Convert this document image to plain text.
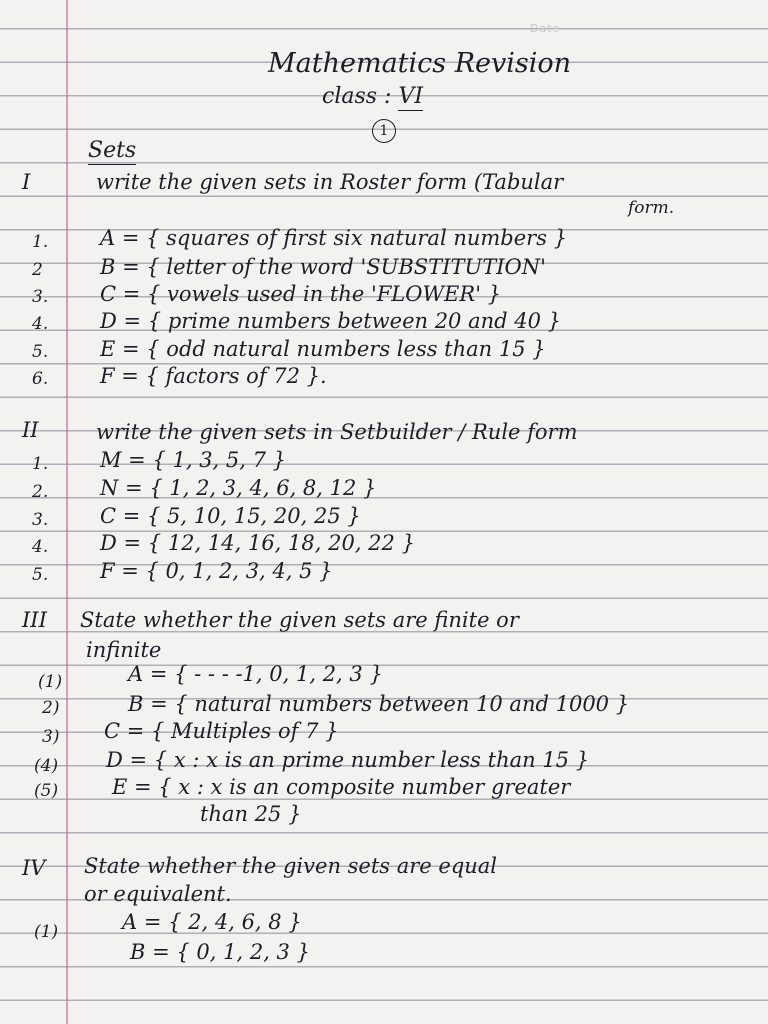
Date
Mathematics Revision
class : VI
1
Sets
I	write the given sets in Roster form (Tabular
form.
1. A = { squares of first six natural numbers }
2	B = { letter of the word 'SUBSTITUTION'
3. C = { vowels used in the 'FLOWER' }
4. D = { prime numbers between 20 and 40 }
5. E = { odd natural numbers less than 15 }
6. F = { factors of 72 }.
II	write the given sets in Setbuilder / Rule form
1. M = { 1, 3, 5, 7 }
2. N = { 1, 2, 3, 4, 6, 8, 12 }
3. C = { 5, 10, 15, 20, 25 }
4. D = { 12, 14, 16, 18, 20, 22 }
5. F = { 0, 1, 2, 3, 4, 5 }
III State whether the given sets are finite or
infinite
(1)	A = { - - - -1, 0, 1, 2, 3 }
2)	B = { natural numbers between 10 and 1000 }
3) C = { Multiples of 7 }
(4) D = { x : x is an prime number less than 15 }
(5)	E = { x : x is an composite number greater
than 25 }
IV State whether the given sets are equal
or equivalent.
(1)	A = { 2, 4, 6, 8 }
B = { 0, 1, 2, 3 }
